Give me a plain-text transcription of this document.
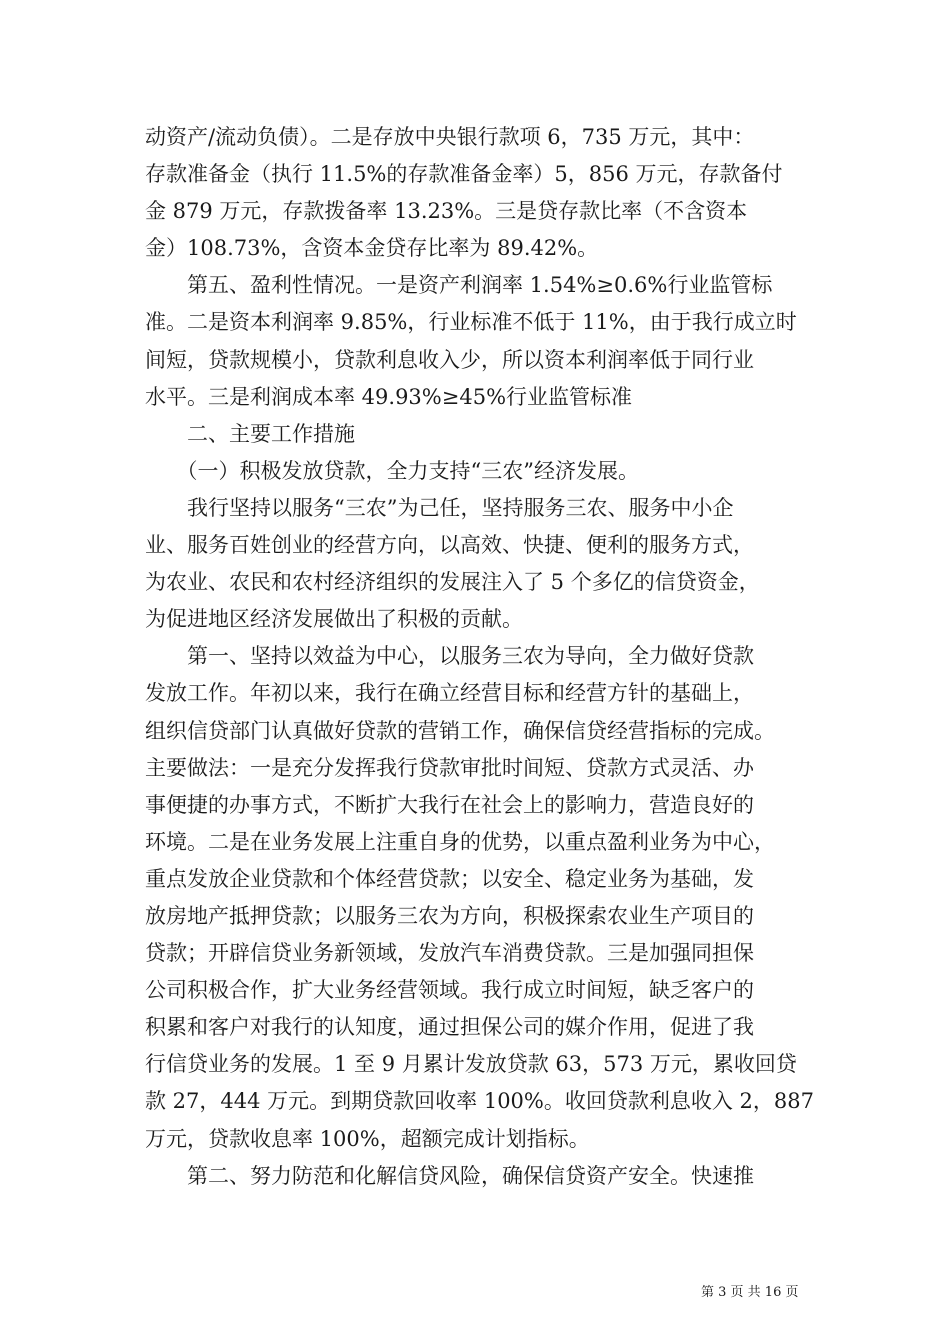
动资产/流动负债）。二是存放中央银行款项 6，735 万元，其中：
存款准备金（执行 11.5%的存款准备金率）5，856 万元，存款备付
金 879 万元，存款拨备率 13.23%。三是贷存款比率（不含资本
金）108.73%，含资本金贷存比率为 89.42%。
　　第五、盈利性情况。一是资产利润率 1.54%≥0.6%行业监管标
准。二是资本利润率 9.85%，行业标准不低于 11%，由于我行成立时
间短，贷款规模小，贷款利息收入少，所以资本利润率低于同行业
水平。三是利润成本率 49.93%≥45%行业监管标准
　　二、主要工作措施
　　（一）积极发放贷款，全力支持“三农”经济发展。
　　我行坚持以服务“三农”为己任，坚持服务三农、服务中小企
业、服务百姓创业的经营方向，以高效、快捷、便利的服务方式，
为农业、农民和农村经济组织的发展注入了 5 个多亿的信贷资金，
为促进地区经济发展做出了积极的贡献。
　　第一、坚持以效益为中心，以服务三农为导向，全力做好贷款
发放工作。年初以来，我行在确立经营目标和经营方针的基础上，
组织信贷部门认真做好贷款的营销工作，确保信贷经营指标的完成。
主要做法：一是充分发挥我行贷款审批时间短、贷款方式灵活、办
事便捷的办事方式，不断扩大我行在社会上的影响力，营造良好的
环境。二是在业务发展上注重自身的优势，以重点盈利业务为中心，
重点发放企业贷款和个体经营贷款；以安全、稳定业务为基础，发
放房地产抵押贷款；以服务三农为方向，积极探索农业生产项目的
贷款；开辟信贷业务新领域，发放汽车消费贷款。三是加强同担保
公司积极合作，扩大业务经营领域。我行成立时间短，缺乏客户的
积累和客户对我行的认知度，通过担保公司的媒介作用，促进了我
行信贷业务的发展。1 至 9 月累计发放贷款 63，573 万元，累收回贷
款 27，444 万元。到期贷款回收率 100%。收回贷款利息收入 2，887
万元，贷款收息率 100%，超额完成计划指标。
　　第二、努力防范和化解信贷风险，确保信贷资产安全。快速推
第 3 页 共 16 页
